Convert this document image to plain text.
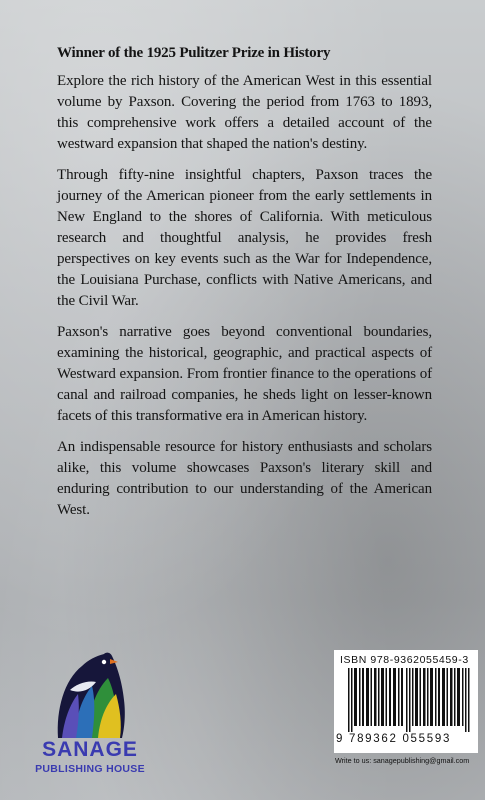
Winner of the 1925 Pulitzer Prize in History

Explore the rich history of the American West in this essential volume by Paxson. Covering the period from 1763 to 1893, this comprehensive work offers a detailed account of the westward expansion that shaped the nation's destiny.

Through fifty-nine insightful chapters, Paxson traces the journey of the American pioneer from the early settlements in New England to the shores of California. With meticulous research and thoughtful analysis, he provides fresh perspectives on key events such as the War for Independence, the Louisiana Purchase, conflicts with Native Americans, and the Civil War.

Paxson's narrative goes beyond conventional boundaries, examining the historical, geographic, and practical aspects of Westward expansion. From frontier finance to the operations of canal and railroad companies, he sheds light on lesser-known facets of this transformative era in American history.

An indispensable resource for history enthusiasts and scholars alike, this volume showcases Paxson's literary skill and enduring contribution to our understanding of the American West.

SANAGE
PUBLISHING HOUSE
ISBN 978-9362055459-3
9 789362 055593
Write to us: sanagepublishing@gmail.com
